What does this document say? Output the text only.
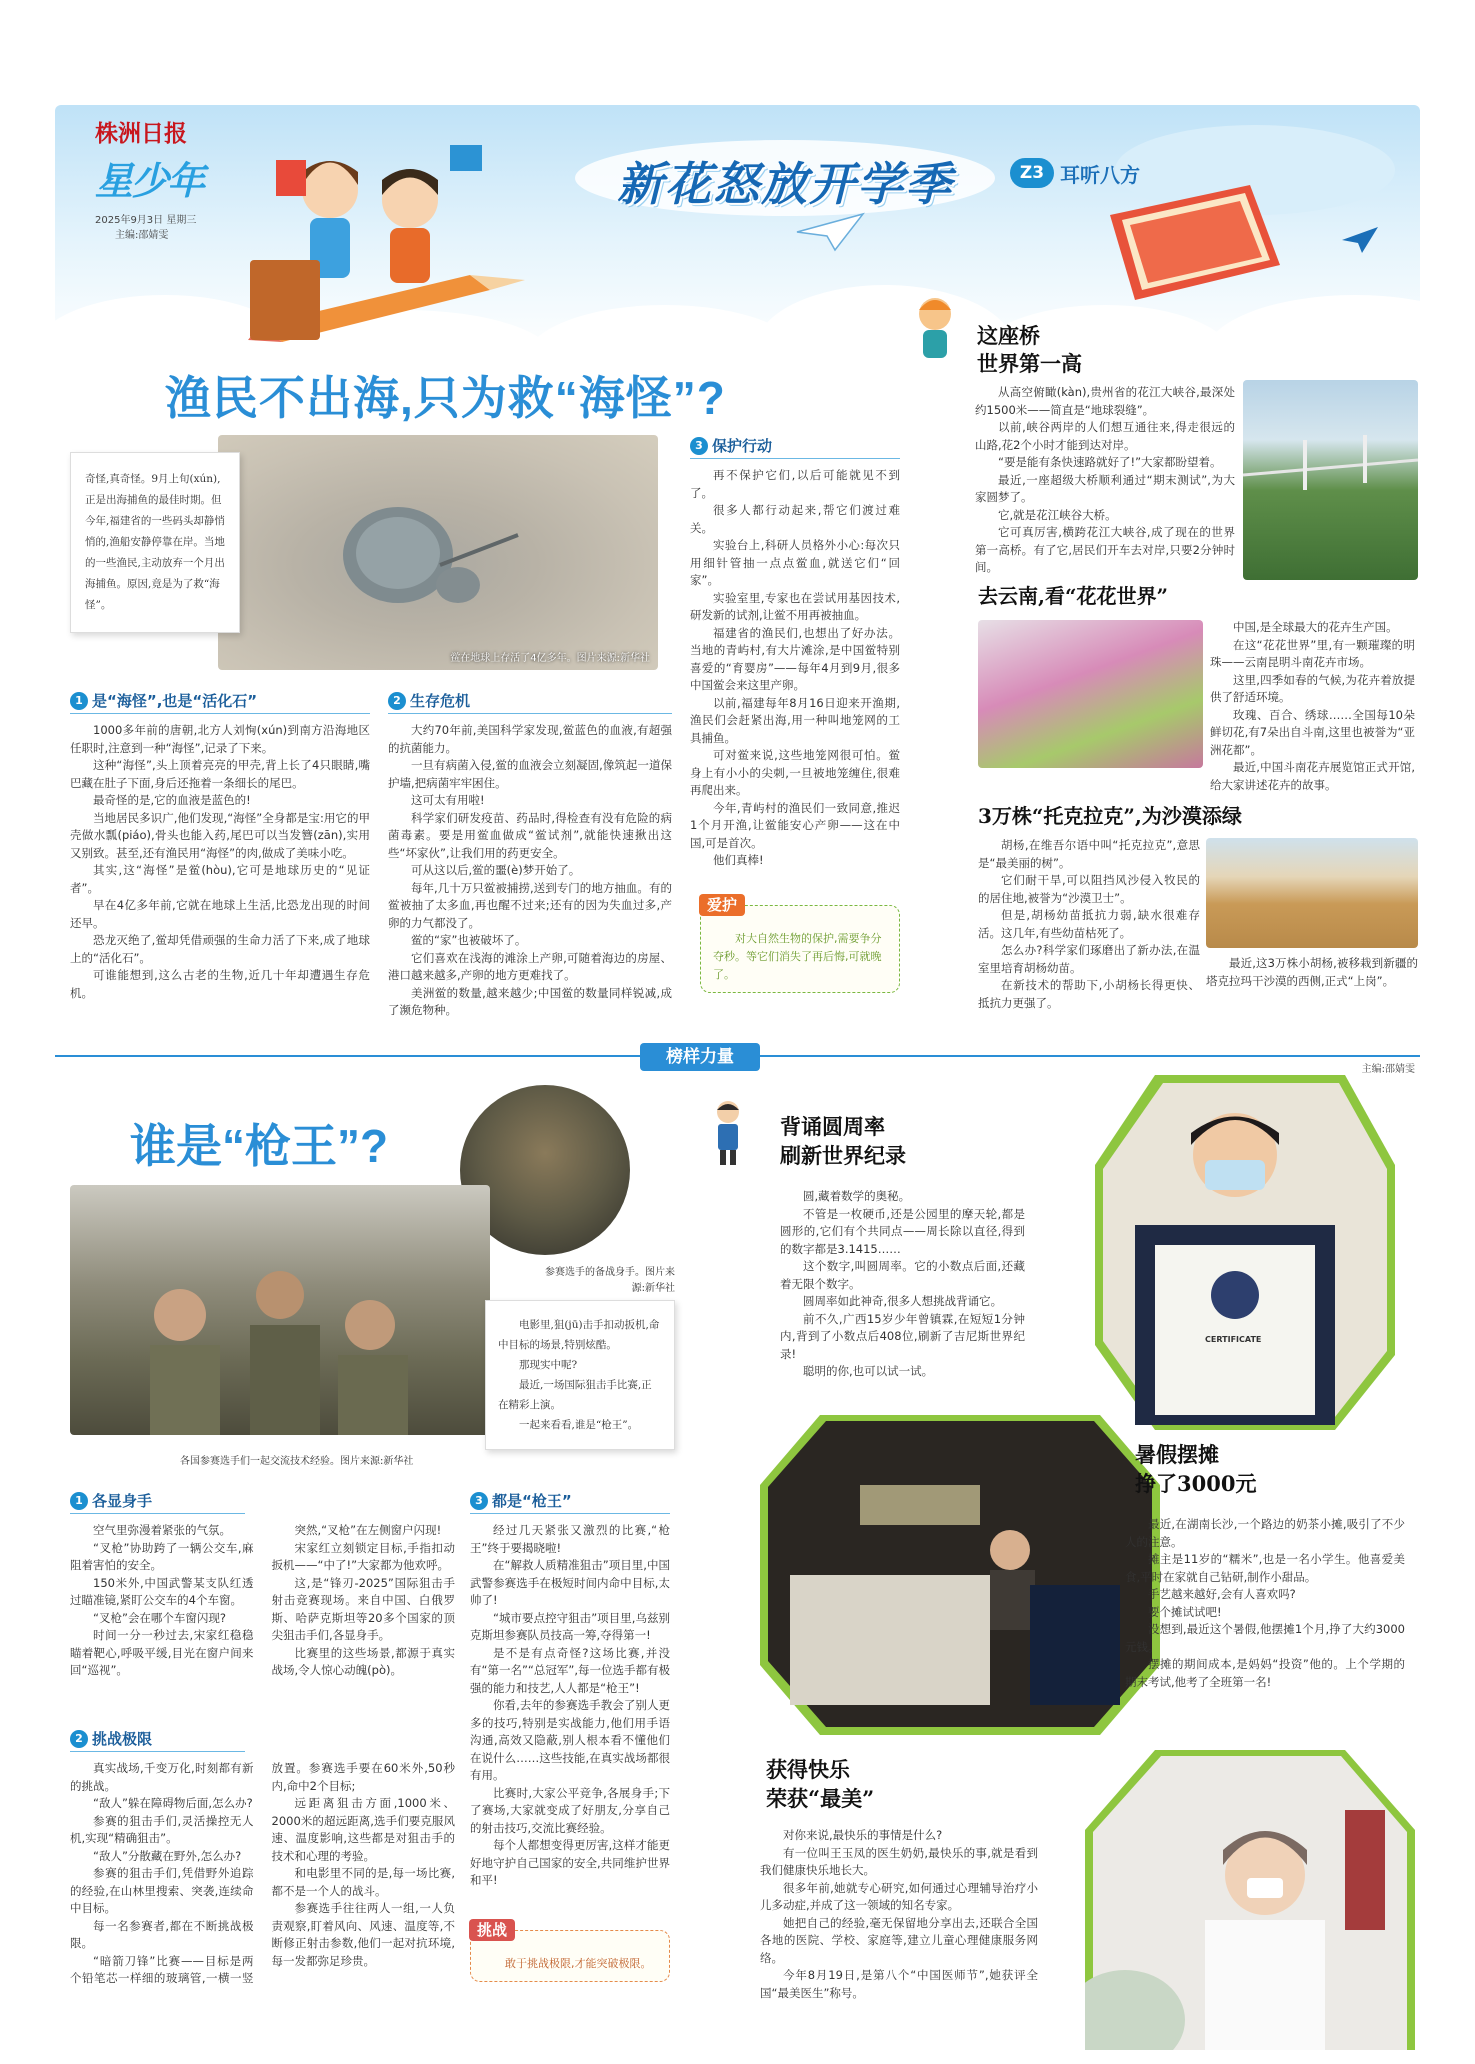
株洲日报
星少年
2025年9月3日 星期三
主编:邵婧雯
新花怒放开学季	Z3 耳听八方
渔民不出海,只为救“海怪”?
鲎在地球上存活了4亿多年。图片来源:新华社
奇怪,真奇怪。9月上旬(xún),正是出海捕鱼的最佳时期。但今年,福建省的一些码头却静悄悄的,渔船安静停靠在岸。当地的一些渔民,主动放弃一个月出海捕鱼。原因,竟是为了救“海怪”。
1 是“海怪”,也是“活化石”

1000多年前的唐朝,北方人刘恂(xún)到南方沿海地区任职时,注意到一种“海怪”,记录了下来。

这种“海怪”,头上顶着亮亮的甲壳,背上长了4只眼睛,嘴巴藏在肚子下面,身后还拖着一条细长的尾巴。

最奇怪的是,它的血液是蓝色的!

当地居民多识广,他们发现,“海怪”全身都是宝:用它的甲壳做水瓢(piáo),骨头也能入药,尾巴可以当发簪(zān),实用又别致。甚至,还有渔民用“海怪”的肉,做成了美味小吃。

其实,这“海怪”是鲎(hòu),它可是地球历史的“见证者”。

早在4亿多年前,它就在地球上生活,比恐龙出现的时间还早。

恐龙灭绝了,鲎却凭借顽强的生命力活了下来,成了地球上的“活化石”。

可谁能想到,这么古老的生物,近几十年却遭遇生存危机。

2 生存危机

大约70年前,美国科学家发现,鲎蓝色的血液,有超强的抗菌能力。

一旦有病菌入侵,鲎的血液会立刻凝固,像筑起一道保护墙,把病菌牢牢困住。

这可太有用啦!

科学家们研发疫苗、药品时,得检查有没有危险的病菌毒素。要是用鲎血做成“鲎试剂”,就能快速揪出这些“坏家伙”,让我们用的药更安全。

可从这以后,鲎的噩(è)梦开始了。

每年,几十万只鲎被捕捞,送到专门的地方抽血。有的鲎被抽了太多血,再也醒不过来;还有的因为失血过多,产卵的力气都没了。

鲎的“家”也被破坏了。

它们喜欢在浅海的滩涂上产卵,可随着海边的房屋、港口越来越多,产卵的地方更难找了。

美洲鲎的数量,越来越少;中国鲎的数量同样锐减,成了濒危物种。

3 保护行动

再不保护它们,以后可能就见不到了。

很多人都行动起来,帮它们渡过难关。

实验台上,科研人员格外小心:每次只用细针管抽一点点鲎血,就送它们“回家”。

实验室里,专家也在尝试用基因技术,研发新的试剂,让鲎不用再被抽血。

福建省的渔民们,也想出了好办法。当地的青屿村,有大片滩涂,是中国鲎特别喜爱的“育婴房”——每年4月到9月,很多中国鲎会来这里产卵。

以前,福建每年8月16日迎来开渔期,渔民们会赶紧出海,用一种叫地笼网的工具捕鱼。

可对鲎来说,这些地笼网很可怕。鲎身上有小小的尖刺,一旦被地笼缠住,很难再爬出来。

今年,青屿村的渔民们一致同意,推迟1个月开渔,让鲎能安心产卵——这在中国,可是首次。

他们真棒!

爱护
对大自然生物的保护,需要争分夺秒。等它们消失了再后悔,可就晚了。
这座桥
世界第一高

从高空俯瞰(kàn),贵州省的花江大峡谷,最深处约1500米——简直是“地球裂缝”。

以前,峡谷两岸的人们想互通往来,得走很远的山路,花2个小时才能到达对岸。

“要是能有条快速路就好了!”大家都盼望着。

最近,一座超级大桥顺利通过“期末测试”,为大家圆梦了。

它,就是花江峡谷大桥。

它可真厉害,横跨花江大峡谷,成了现在的世界第一高桥。有了它,居民们开车去对岸,只要2分钟时间。

去云南,看“花花世界”

中国,是全球最大的花卉生产国。

在这“花花世界”里,有一颗璀璨的明珠——云南昆明斗南花卉市场。

这里,四季如春的气候,为花卉着放提供了舒适环境。

玫瑰、百合、绣球……全国每10朵鲜切花,有7朵出自斗南,这里也被誉为“亚洲花都”。

最近,中国斗南花卉展览馆正式开馆,给大家讲述花卉的故事。

3万株“托克拉克”,为沙漠添绿

胡杨,在维吾尔语中叫“托克拉克”,意思是“最美丽的树”。

它们耐干旱,可以阻挡风沙侵入牧民的的居住地,被誉为“沙漠卫士”。

但是,胡杨幼苗抵抗力弱,缺水很难存活。这几年,有些幼苗枯死了。

怎么办?科学家们琢磨出了新办法,在温室里培育胡杨幼苗。

在新技术的帮助下,小胡杨长得更快、抵抗力更强了。

最近,这3万株小胡杨,被移栽到新疆的塔克拉玛干沙漠的西侧,正式“上岗”。

榜样力量
主编:邵婧雯
谁是“枪王”?
参赛选手的备战身手。图片来源:新华社
各国参赛选手们一起交流技术经验。图片来源:新华社

电影里,狙(jū)击手扣动扳机,命中目标的场景,特别炫酷。

那现实中呢?

最近,一场国际狙击手比赛,正在精彩上演。

一起来看看,谁是“枪王”。

1 各显身手

空气里弥漫着紧张的气氛。

“叉枪”协助跨了一辆公交车,麻阻着害怕的安全。

150米外,中国武警某支队红透过瞄准镜,紧盯公交车的4个车窗。

“叉枪”会在哪个车窗闪现?

时间一分一秒过去,宋家红稳稳瞄着靶心,呼吸平缓,目光在窗户间来回“巡视”。

突然,“叉枪”在左侧窗户闪现!

宋家红立刻锁定目标,手指扣动扳机——“中了!”大家都为他欢呼。

这,是“锋刃-2025”国际狙击手射击竞赛现场。来自中国、白俄罗斯、哈萨克斯坦等20多个国家的顶尖狙击手们,各显身手。

比赛里的这些场景,都源于真实战场,令人惊心动魄(pò)。

2 挑战极限

真实战场,千变万化,时刻都有新的挑战。

“敌人”躲在障碍物后面,怎么办?

参赛的狙击手们,灵活操控无人机,实现“精确狙击”。

“敌人”分散藏在野外,怎么办?

参赛的狙击手们,凭借野外追踪的经验,在山林里搜索、突袭,连续命中目标。

每一名参赛者,都在不断挑战极限。

“暗箭刀锋”比赛——目标是两个铅笔芯一样细的玻璃管,一横一竖放置。参赛选手要在60米外,50秒内,命中2个目标;

远距离狙击方面,1000米、2000米的超远距离,选手们要克服风速、温度影响,这些都是对狙击手的技术和心理的考验。

和电影里不同的是,每一场比赛,都不是一个人的战斗。

参赛选手往往两人一组,一人负责观察,盯着风向、风速、温度等,不断修正射击参数,他们一起对抗环境,每一发都弥足珍贵。

3 都是“枪王”

经过几天紧张又激烈的比赛,“枪王”终于要揭晓啦!

在“解救人质精准狙击”项目里,中国武警参赛选手在极短时间内命中目标,太帅了!

“城市要点控守狙击”项目里,乌兹别克斯坦参赛队员技高一筹,夺得第一!

是不是有点奇怪?这场比赛,并没有“第一名”“总冠军”,每一位选手都有极强的能力和技艺,人人都是“枪王”!

你看,去年的参赛选手教会了别人更多的技巧,特别是实战能力,他们用手语沟通,高效又隐蔽,别人根本看不懂他们在说什么……这些技能,在真实战场都很有用。

比赛时,大家公平竞争,各展身手;下了赛场,大家就变成了好朋友,分享自己的射击技巧,交流比赛经验。

每个人都想变得更厉害,这样才能更好地守护自己国家的安全,共同维护世界和平!

挑战
敢于挑战极限,才能突破极限。
背诵圆周率
刷新世界纪录

圆,藏着数学的奥秘。

不管是一枚硬币,还是公园里的摩天轮,都是圆形的,它们有个共同点——周长除以直径,得到的数字都是3.1415……

这个数字,叫圆周率。它的小数点后面,还藏着无限个数字。

圆周率如此神奇,很多人想挑战背诵它。

前不久,广西15岁少年曾镇霖,在短短1分钟内,背到了小数点后408位,刷新了吉尼斯世界纪录!

聪明的你,也可以试一试。

CERTIFICATE
暑假摆摊
挣了3000元

最近,在湖南长沙,一个路边的奶茶小摊,吸引了不少人的注意。

摊主是11岁的“糯米”,也是一名小学生。他喜爱美食,平时在家就自己钻研,制作小甜品。

手艺越来越好,会有人喜欢吗?

要个摊试试吧!

没想到,最近这个暑假,他摆摊1个月,挣了大约3000元钱。

摆摊的期间成本,是妈妈“投资”他的。上个学期的期末考试,他考了全班第一名!

获得快乐
荣获“最美”

对你来说,最快乐的事情是什么?

有一位叫王玉凤的医生奶奶,最快乐的事,就是看到我们健康快乐地长大。

很多年前,她就专心研究,如何通过心理辅导治疗小儿多动症,并成了这一领域的知名专家。

她把自己的经验,毫无保留地分享出去,还联合全国各地的医院、学校、家庭等,建立儿童心理健康服务网络。

今年8月19日,是第八个“中国医师节”,她获评全国“最美医生”称号。
